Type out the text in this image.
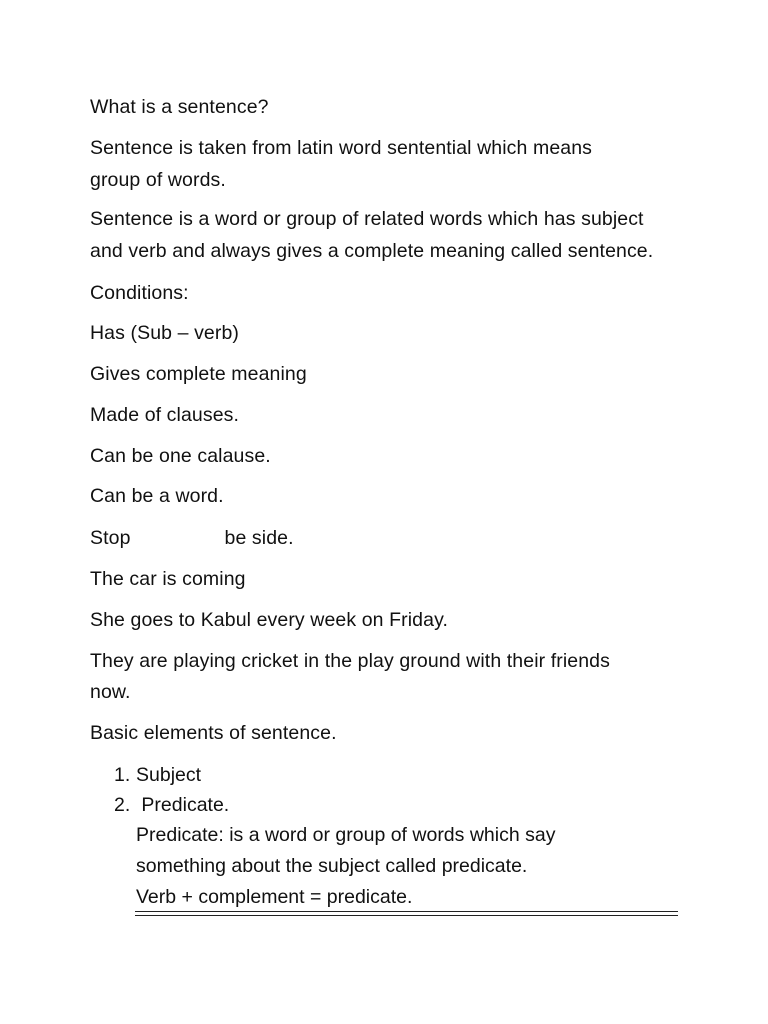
What is a sentence?
Sentence is taken from latin word sentential which means
group of words.
Sentence is a word or group of related words which has subject
and verb and always gives a complete meaning called sentence.
Conditions:
Has (Sub – verb)
Gives complete meaning
Made of clauses.
Can be one calause.
Can be a word.
Stop	be side.
The car is coming
She goes to Kabul every week on Friday.
They are playing cricket in the play ground with their friends
now.
Basic elements of sentence.
1. Subject
2. Predicate.
Predicate: is a word or group of words which say
something about the subject called predicate.
Verb + complement = predicate.
